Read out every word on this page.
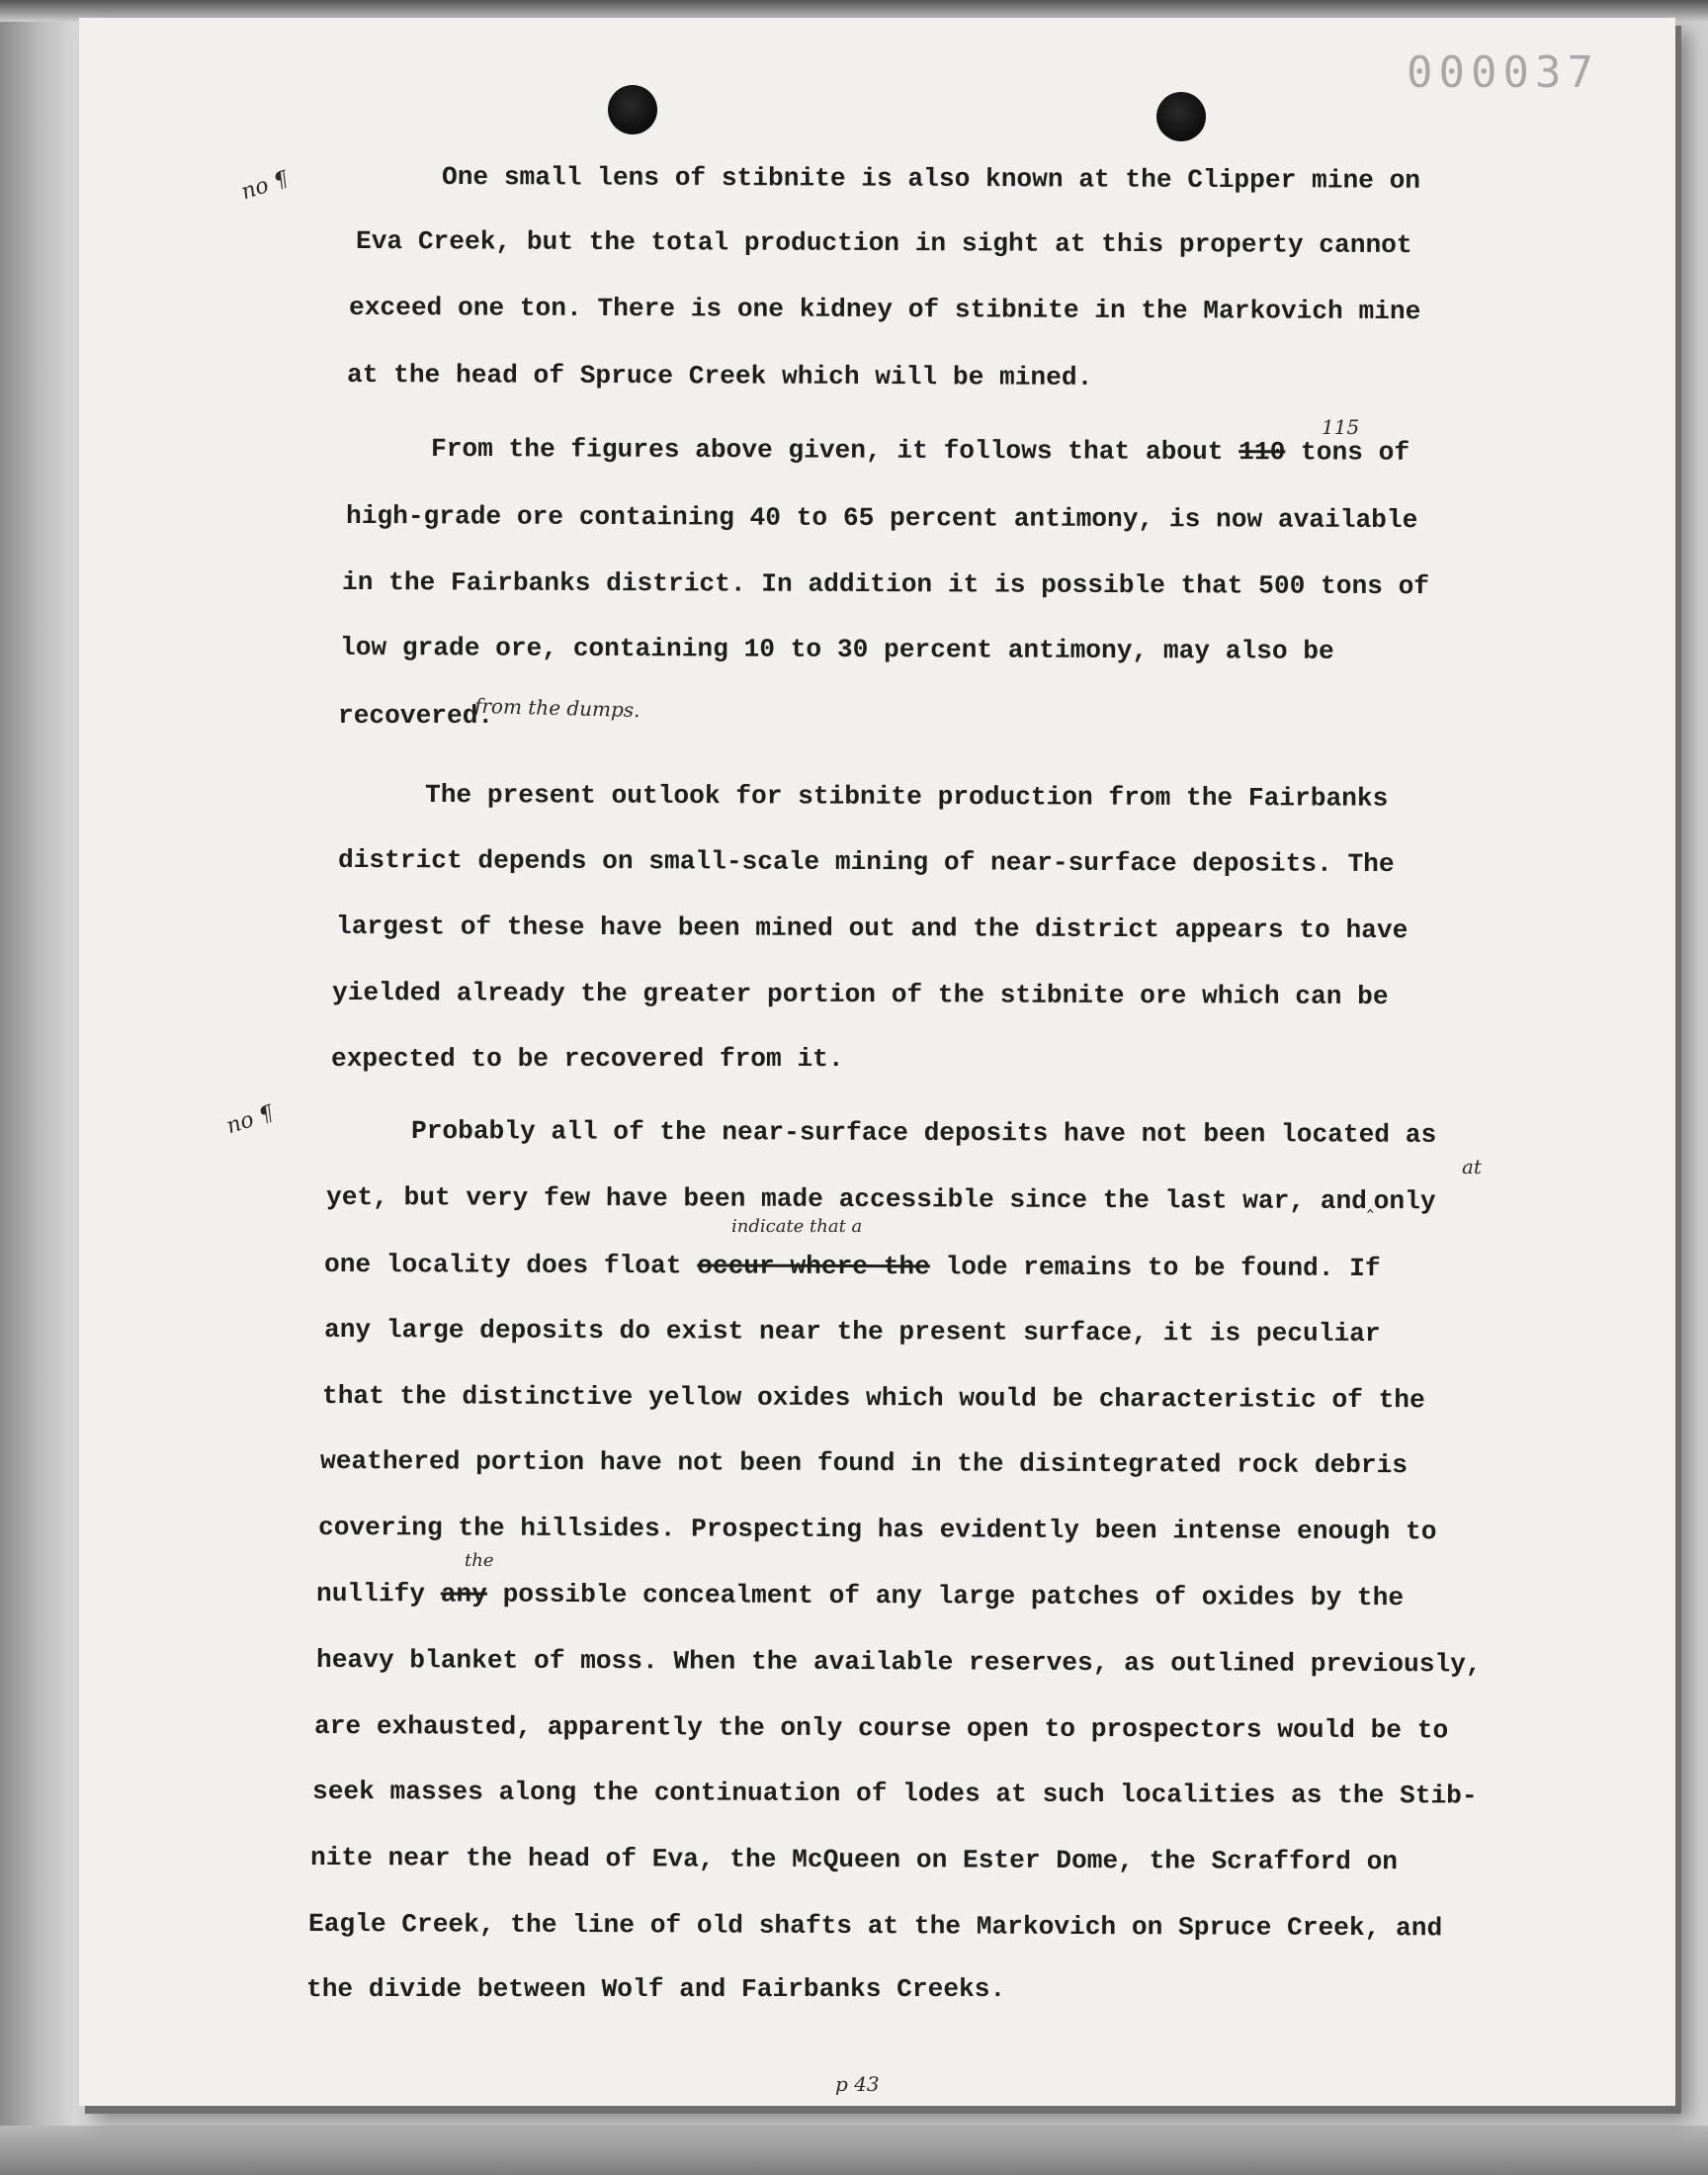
000037
no ¶
no ¶

One small lens of stibnite is also known at the Clipper mine on

Eva Creek, but the total production in sight at this property cannot

exceed one ton. There is one kidney of stibnite in the Markovich mine

at the head of Spruce Creek which will be mined.

115

From the figures above given, it follows that about 110 tons of

high-grade ore containing 40 to 65 percent antimony, is now available

in the Fairbanks district. In addition it is possible that 500 tons of

low grade ore, containing 10 to 30 percent antimony, may also be

recovered.

from the dumps.

The present outlook for stibnite production from the Fairbanks

district depends on small-scale mining of near-surface deposits. The

largest of these have been mined out and the district appears to have

yielded already the greater portion of the stibnite ore which can be

expected to be recovered from it.

Probably all of the near-surface deposits have not been located as

at

yet, but very few have been made accessible since the last war, and‸only

indicate that a

one locality does float occur where the lode remains to be found. If

any large deposits do exist near the present surface, it is peculiar

that the distinctive yellow oxides which would be characteristic of the

weathered portion have not been found in the disintegrated rock debris

covering the hillsides. Prospecting has evidently been intense enough to

the

nullify any possible concealment of any large patches of oxides by the

heavy blanket of moss. When the available reserves, as outlined previously,

are exhausted, apparently the only course open to prospectors would be to

seek masses along the continuation of lodes at such localities as the Stib-

nite near the head of Eva, the McQueen on Ester Dome, the Scrafford on

Eagle Creek, the line of old shafts at the Markovich on Spruce Creek, and

the divide between Wolf and Fairbanks Creeks.

p 43
